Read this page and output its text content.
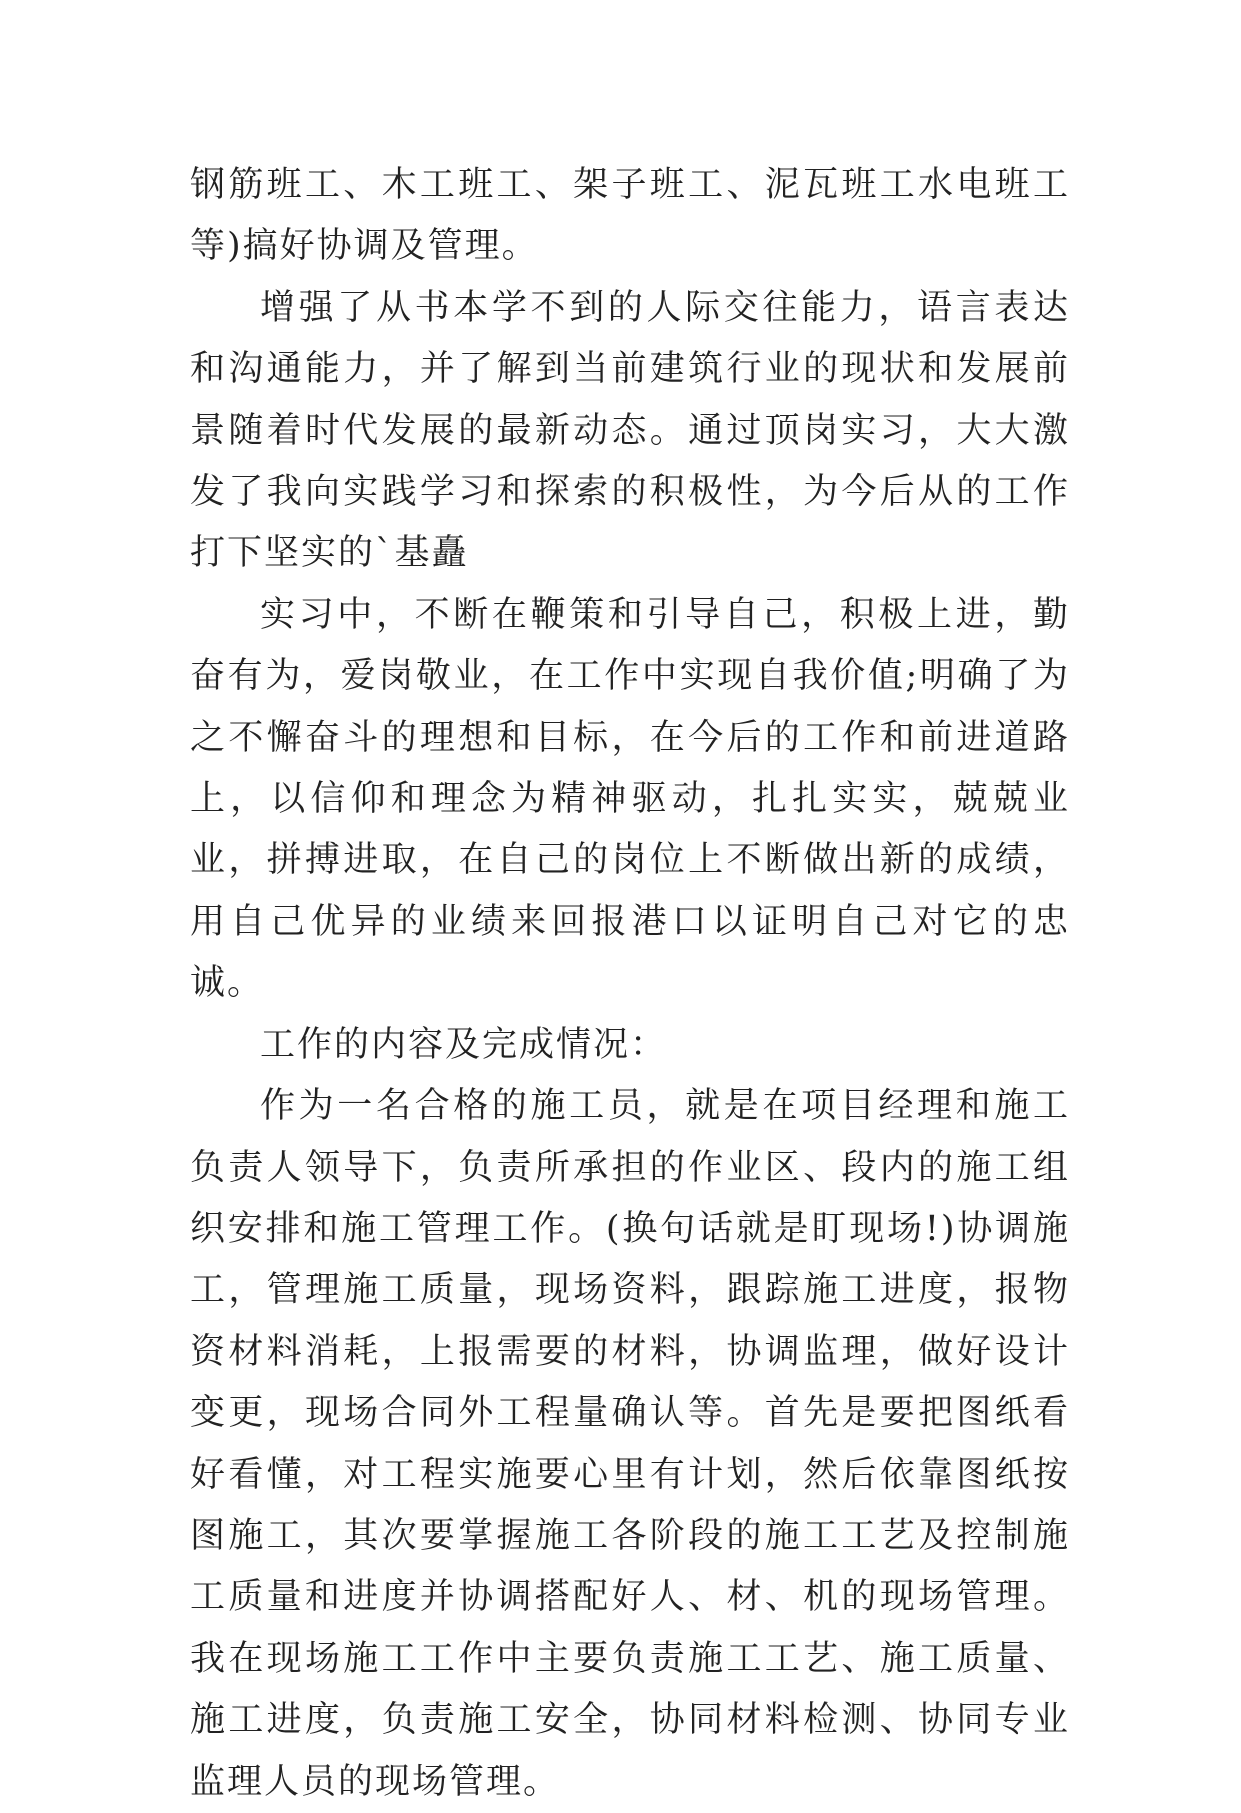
钢筋班工、木工班工、架子班工、泥瓦班工水电班工等)搞好协调及管理。

增强了从书本学不到的人际交往能力，语言表达和沟通能力，并了解到当前建筑行业的现状和发展前景随着时代发展的最新动态。通过顶岗实习，大大激发了我向实践学习和探索的积极性，为今后从的工作打下坚实的`基矗

实习中，不断在鞭策和引导自己，积极上进，勤奋有为，爱岗敬业，在工作中实现自我价值;明确了为之不懈奋斗的理想和目标，在今后的工作和前进道路上，以信仰和理念为精神驱动，扎扎实实，兢兢业业，拼搏进取，在自己的岗位上不断做出新的成绩，用自己优异的业绩来回报港口以证明自己对它的忠诚。

工作的内容及完成情况：

作为一名合格的施工员，就是在项目经理和施工负责人领导下，负责所承担的作业区、段内的施工组织安排和施工管理工作。(换句话就是盯现场!)协调施工，管理施工质量，现场资料，跟踪施工进度，报物资材料消耗，上报需要的材料，协调监理，做好设计变更，现场合同外工程量确认等。首先是要把图纸看好看懂，对工程实施要心里有计划，然后依靠图纸按图施工，其次要掌握施工各阶段的施工工艺及控制施工质量和进度并协调搭配好人、材、机的现场管理。我在现场施工工作中主要负责施工工艺、施工质量、施工进度，负责施工安全，协同材料检测、协同专业监理人员的现场管理。
